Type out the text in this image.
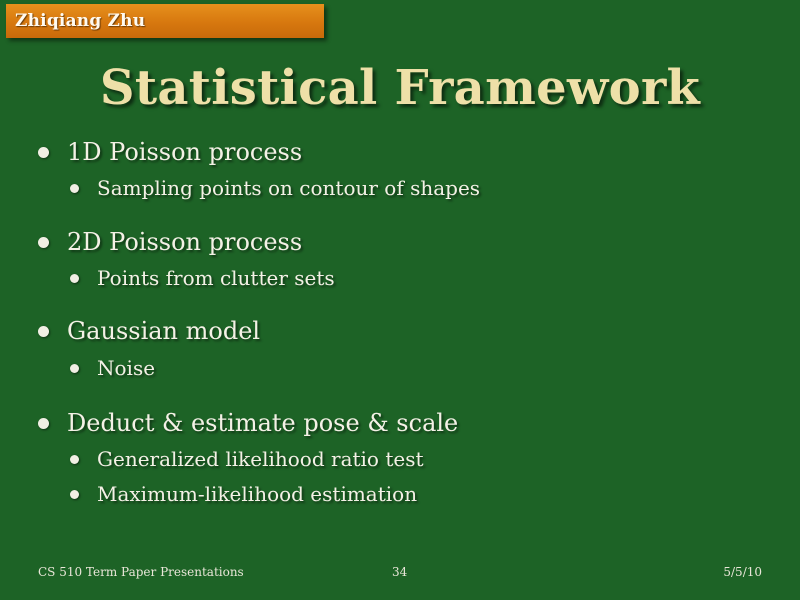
Zhiqiang Zhu
Statistical Framework
1D Poisson process
Sampling points on contour of shapes
2D Poisson process
Points from clutter sets
Gaussian model
Noise
Deduct & estimate pose & scale
Generalized likelihood ratio test
Maximum-likelihood estimation
CS 510 Term Paper Presentations	34	5/5/10
